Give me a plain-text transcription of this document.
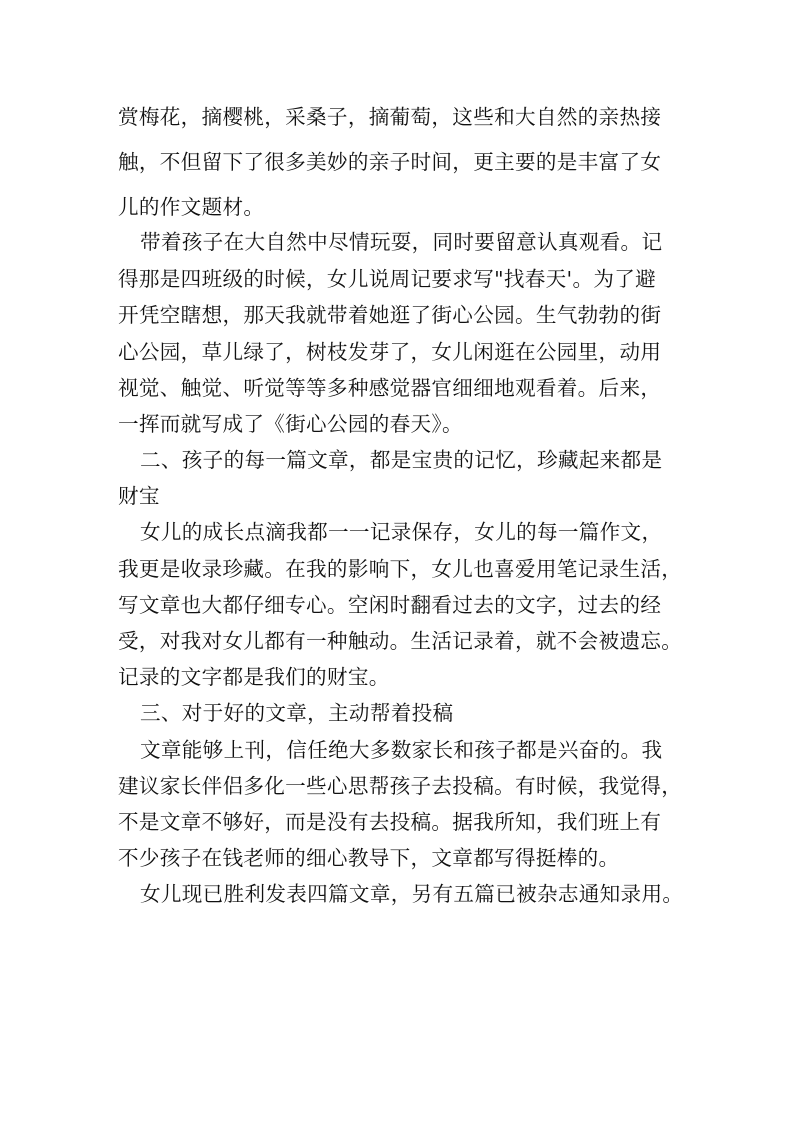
赏梅花，摘樱桃，采桑子，摘葡萄，这些和大自然的亲热接
触，不但留下了很多美妙的亲子时间，更主要的是丰富了女
儿的作文题材。
带着孩子在大自然中尽情玩耍，同时要留意认真观看。记
得那是四班级的时候，女儿说周记要求写"找春天'。为了避
开凭空瞎想，那天我就带着她逛了街心公园。生气勃勃的街
心公园，草儿绿了，树枝发芽了，女儿闲逛在公园里，动用
视觉、触觉、听觉等等多种感觉器官细细地观看着。后来，
一挥而就写成了《街心公园的春天》。
二、孩子的每一篇文章，都是宝贵的记忆，珍藏起来都是
财宝
女儿的成长点滴我都一一记录保存，女儿的每一篇作文，
我更是收录珍藏。在我的影响下，女儿也喜爱用笔记录生活，
写文章也大都仔细专心。空闲时翻看过去的文字，过去的经
受，对我对女儿都有一种触动。生活记录着，就不会被遗忘。
记录的文字都是我们的财宝。
三、对于好的文章，主动帮着投稿
文章能够上刊，信任绝大多数家长和孩子都是兴奋的。我
建议家长伴侣多化一些心思帮孩子去投稿。有时候，我觉得，
不是文章不够好，而是没有去投稿。据我所知，我们班上有
不少孩子在钱老师的细心教导下，文章都写得挺棒的。
女儿现已胜利发表四篇文章，另有五篇已被杂志通知录用。
